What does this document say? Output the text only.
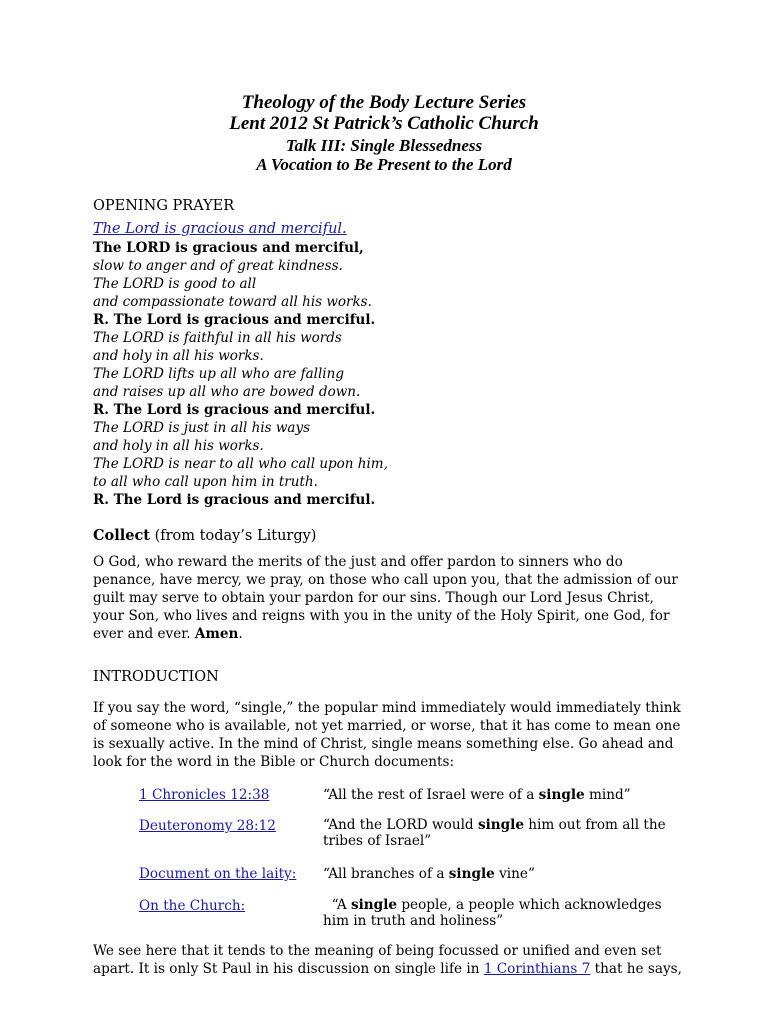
Theology of the Body Lecture Series
Lent 2012 St Patrick’s Catholic Church
Talk III: Single Blessedness
A Vocation to Be Present to the Lord
OPENING PRAYER
The Lord is gracious and merciful.
The LORD is gracious and merciful,
slow to anger and of great kindness.
The LORD is good to all
and compassionate toward all his works.
R. The Lord is gracious and merciful.
The LORD is faithful in all his words
and holy in all his works.
The LORD lifts up all who are falling
and raises up all who are bowed down.
R. The Lord is gracious and merciful.
The LORD is just in all his ways
and holy in all his works.
The LORD is near to all who call upon him,
to all who call upon him in truth.
R. The Lord is gracious and merciful.
Collect (from today’s Liturgy)
O God, who reward the merits of the just and offer pardon to sinners who do
penance, have mercy, we pray, on those who call upon you, that the admission of our
guilt may serve to obtain your pardon for our sins. Though our Lord Jesus Christ,
your Son, who lives and reigns with you in the unity of the Holy Spirit, one God, for
ever and ever. Amen.
INTRODUCTION
If you say the word, “single,” the popular mind immediately would immediately think
of someone who is available, not yet married, or worse, that it has come to mean one
is sexually active. In the mind of Christ, single means something else. Go ahead and
look for the word in the Bible or Church documents:
1 Chronicles 12:38	“All the rest of Israel were of a single mind”
Deuteronomy 28:12	“And the LORD would single him out from all the
tribes of Israel”
Document on the laity: “All branches of a single vine”
On the Church:	“A single people, a people which acknowledges
him in truth and holiness”
We see here that it tends to the meaning of being focussed or unified and even set
apart. It is only St Paul in his discussion on single life in 1 Corinthians 7 that he says,
